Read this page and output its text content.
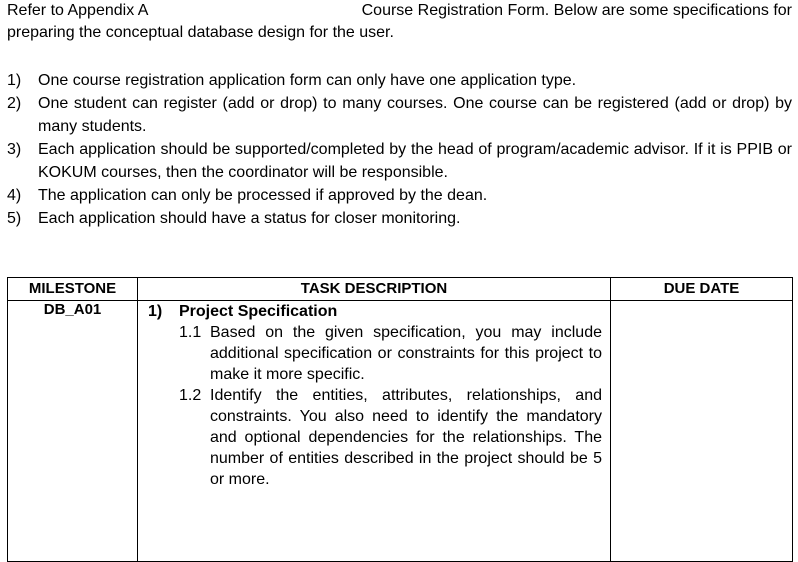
Refer to Appendix A	Course Registration Form. Below are some specifications for
preparing the conceptual database design for the user.
1) One course registration application form can only have one application type.
2) One student can register (add or drop) to many courses. One course can be registered (add or drop) by many students.
3) Each application should be supported/completed by the head of program/academic advisor. If it is PPIB or KOKUM courses, then the coordinator will be responsible.
4) The application can only be processed if approved by the dean.
5) Each application should have a status for closer monitoring.
MILESTONE	TASK DESCRIPTION	DUE DATE
DB_A01	1) Project Specification
1.1 Based on the given specification, you may include additional specification or constraints for this project to make it more specific.
1.2 Identify the entities, attributes, relationships, and constraints. You also need to identify the mandatory and optional dependencies for the relationships. The number of entities described in the project should be 5 or more.	
